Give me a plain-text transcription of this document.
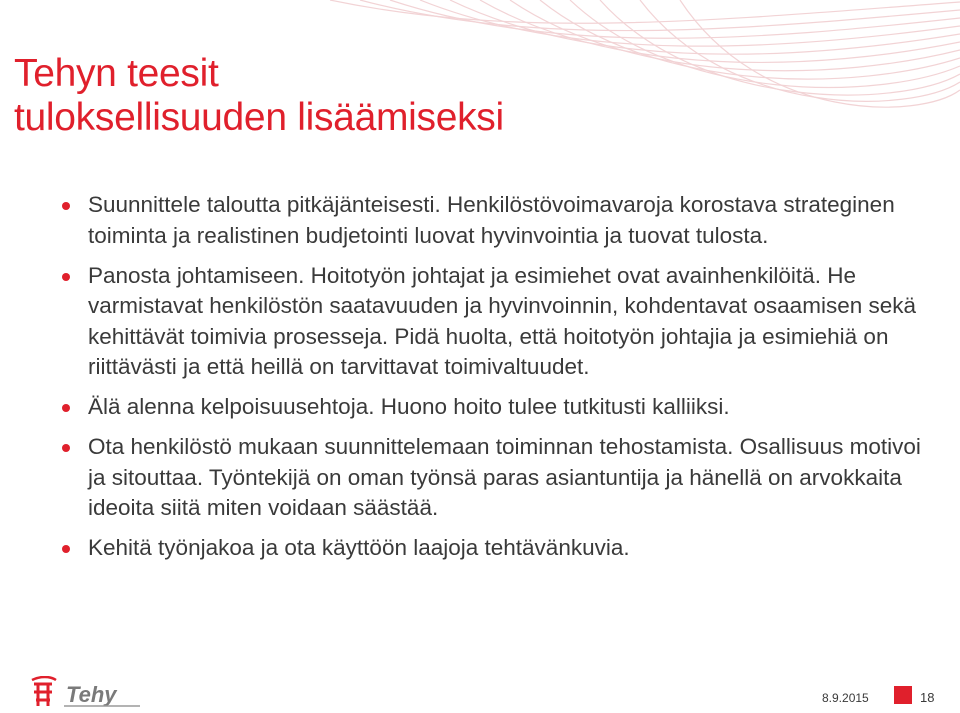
Tehyn teesit
tuloksellisuuden lisäämiseksi
Suunnittele taloutta pitkäjänteisesti. Henkilöstövoimavaroja korostava strateginen toiminta ja realistinen budjetointi luovat hyvinvointia ja tuovat tulosta.
Panosta johtamiseen. Hoitotyön johtajat ja esimiehet ovat avainhenkilöitä. He varmistavat henkilöstön saatavuuden ja hyvinvoinnin, kohdentavat osaamisen sekä kehittävät toimivia prosesseja. Pidä huolta, että hoitotyön johtajia ja esimiehiä on riittävästi ja että heillä on tarvittavat toimivaltuudet.
Älä alenna kelpoisuusehtoja. Huono hoito tulee tutkitusti kalliiksi.
Ota henkilöstö mukaan suunnittelemaan toiminnan tehostamista. Osallisuus motivoi ja sitouttaa. Työntekijä on oman työnsä paras asiantuntija ja hänellä on arvokkaita ideoita siitä miten voidaan säästää.
Kehitä työnjakoa ja ota käyttöön laajoja tehtävänkuvia.
Tehy	8.9.2015	18
